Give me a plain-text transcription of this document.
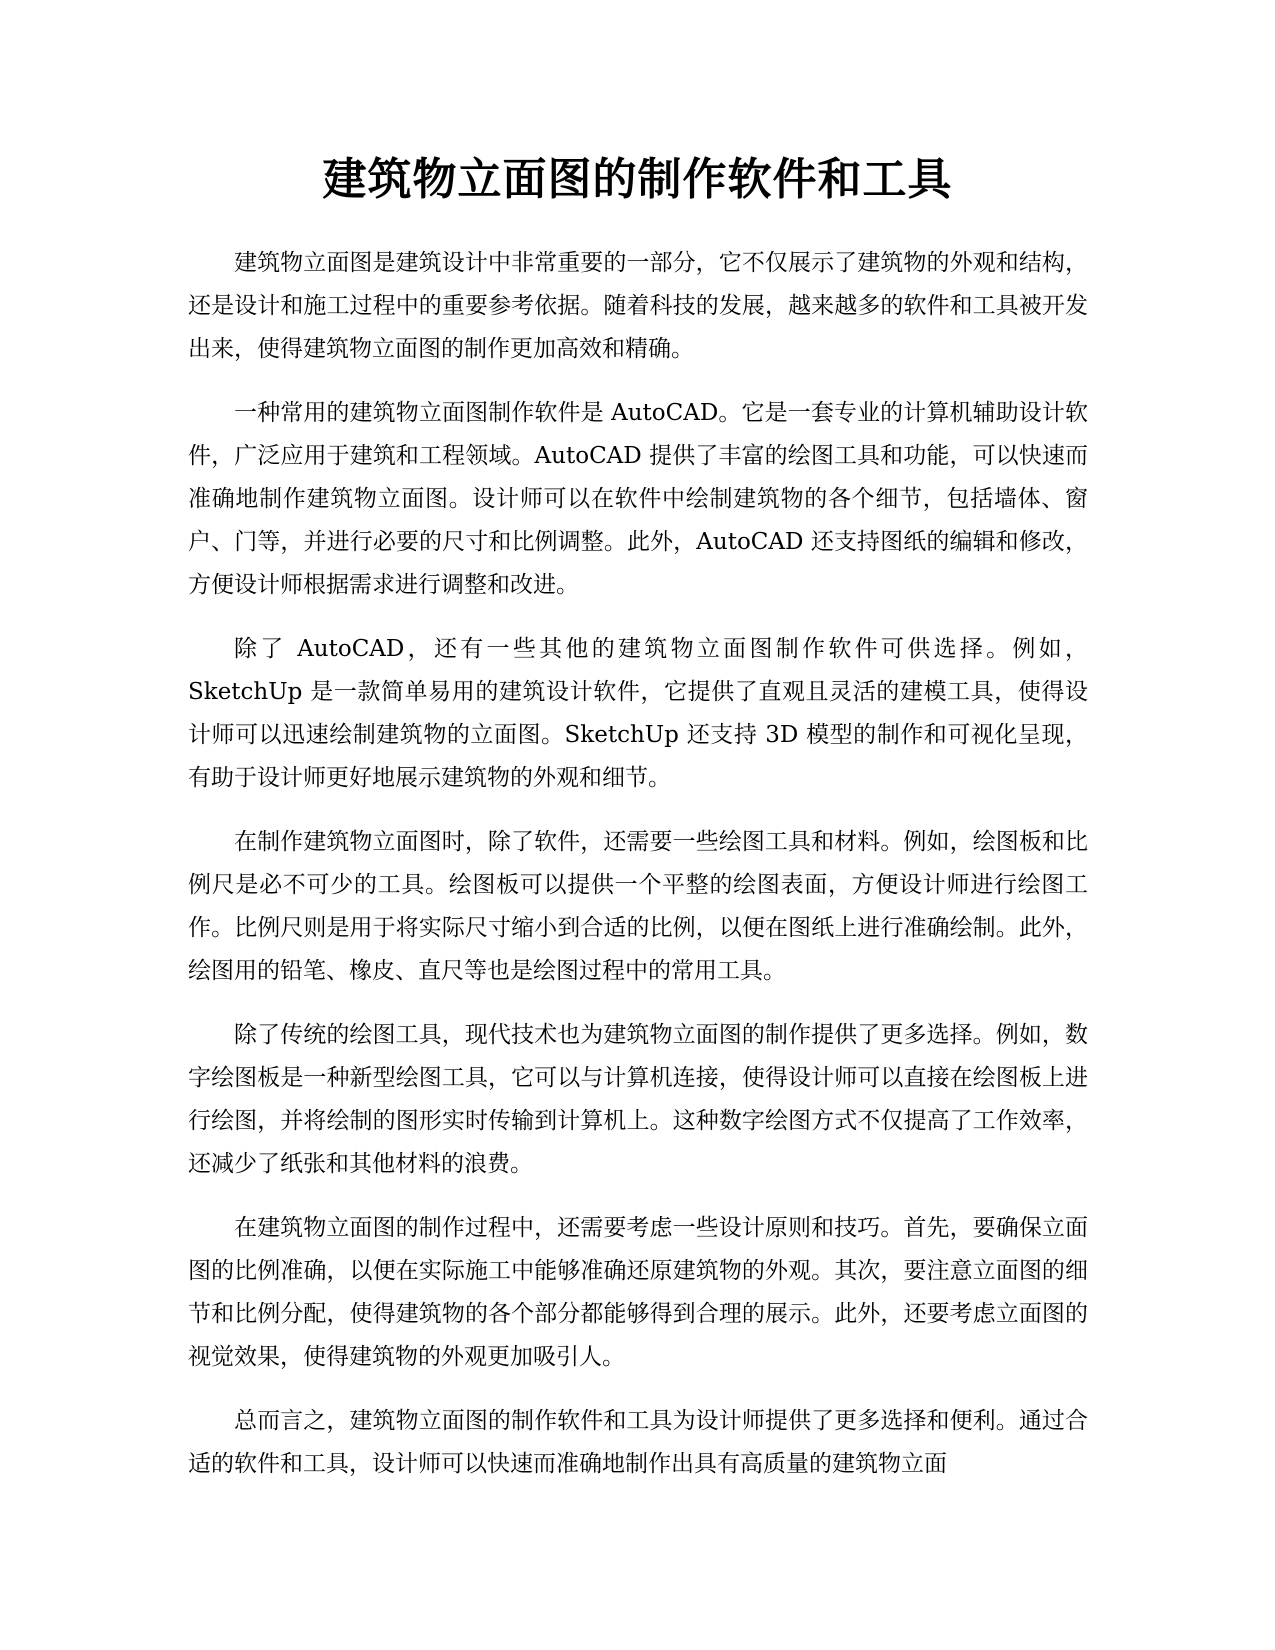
建筑物立面图的制作软件和工具

建筑物立面图是建筑设计中非常重要的一部分，它不仅展示了建筑物的外观和结构，还是设计和施工过程中的重要参考依据。随着科技的发展，越来越多的软件和工具被开发出来，使得建筑物立面图的制作更加高效和精确。

一种常用的建筑物立面图制作软件是 AutoCAD。它是一套专业的计算机辅助设计软件，广泛应用于建筑和工程领域。AutoCAD 提供了丰富的绘图工具和功能，可以快速而准确地制作建筑物立面图。设计师可以在软件中绘制建筑物的各个细节，包括墙体、窗户、门等，并进行必要的尺寸和比例调整。此外，AutoCAD 还支持图纸的编辑和修改，方便设计师根据需求进行调整和改进。

除了 AutoCAD，还有一些其他的建筑物立面图制作软件可供选择。例如，SketchUp 是一款简单易用的建筑设计软件，它提供了直观且灵活的建模工具，使得设计师可以迅速绘制建筑物的立面图。SketchUp 还支持 3D 模型的制作和可视化呈现，有助于设计师更好地展示建筑物的外观和细节。

在制作建筑物立面图时，除了软件，还需要一些绘图工具和材料。例如，绘图板和比例尺是必不可少的工具。绘图板可以提供一个平整的绘图表面，方便设计师进行绘图工作。比例尺则是用于将实际尺寸缩小到合适的比例，以便在图纸上进行准确绘制。此外，绘图用的铅笔、橡皮、直尺等也是绘图过程中的常用工具。

除了传统的绘图工具，现代技术也为建筑物立面图的制作提供了更多选择。例如，数字绘图板是一种新型绘图工具，它可以与计算机连接，使得设计师可以直接在绘图板上进行绘图，并将绘制的图形实时传输到计算机上。这种数字绘图方式不仅提高了工作效率，还减少了纸张和其他材料的浪费。

在建筑物立面图的制作过程中，还需要考虑一些设计原则和技巧。首先，要确保立面图的比例准确，以便在实际施工中能够准确还原建筑物的外观。其次，要注意立面图的细节和比例分配，使得建筑物的各个部分都能够得到合理的展示。此外，还要考虑立面图的视觉效果，使得建筑物的外观更加吸引人。

总而言之，建筑物立面图的制作软件和工具为设计师提供了更多选择和便利。通过合适的软件和工具，设计师可以快速而准确地制作出具有高质量的建筑物立面
